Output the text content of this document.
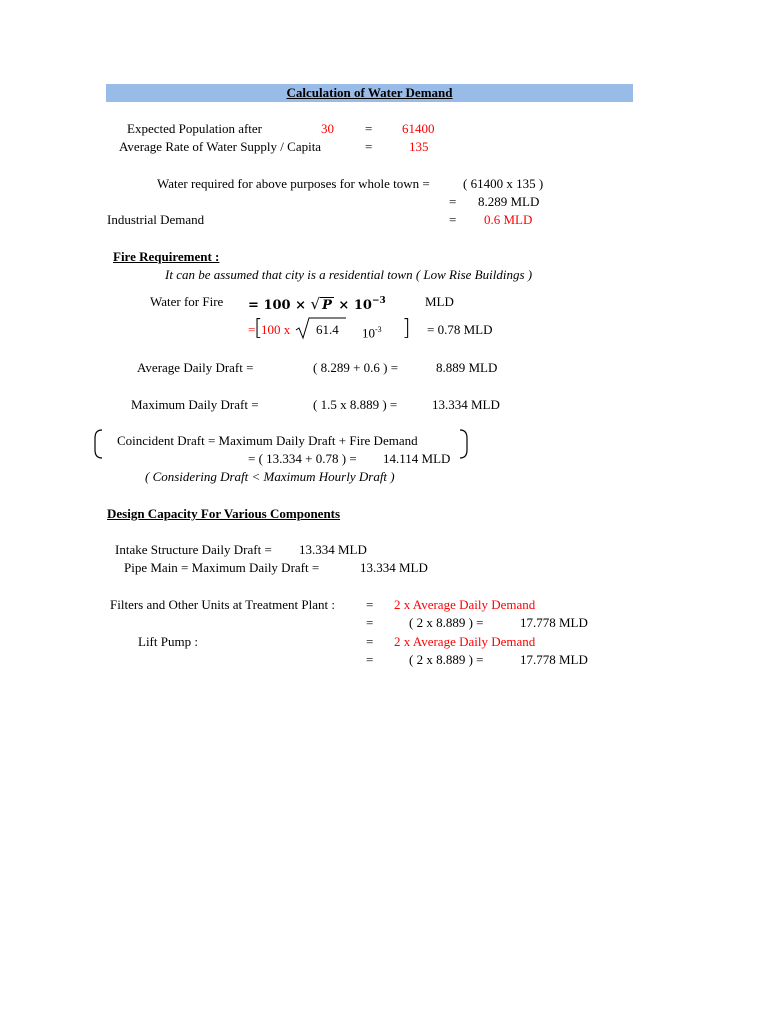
Calculation of Water Demand
Expected Population after	30 = 61400
Average Rate of Water Supply / Capita	=	135
Water required for above purposes for whole town =	( 61400 x 135 )
= 8.289 MLD
Industrial Demand	= 0.6 MLD
Fire Requirement :
It can be assumed that city is a residential town ( Low Rise Buildings )
Water for Fire = 100 × √ $P \times 10^{-3}$	MLD
=
[
100 x 61.4 $10^{-3}$ ] = 0.78 MLD
Average Daily Draft =	( 8.289 + 0.6 ) =	8.889 MLD
Maximum Daily Draft =	( 1.5 x 8.889 ) =	13.334 MLD
Coincident Draft = Maximum Daily Draft + Fire Demand
= ( 13.334 + 0.78 ) = 14.114 MLD
( Considering Draft < Maximum Hourly Draft )
Design Capacity For Various Components
Intake Structure Daily Draft = 13.334 MLD
Pipe Main = Maximum Daily Draft =	13.334 MLD
Filters and Other Units at Treatment Plant : = 2 x Average Daily Demand
=	( 2 x 8.889 ) =	17.778 MLD
Lift Pump :	= 2 x Average Daily Demand
=	( 2 x 8.889 ) =	17.778 MLD
